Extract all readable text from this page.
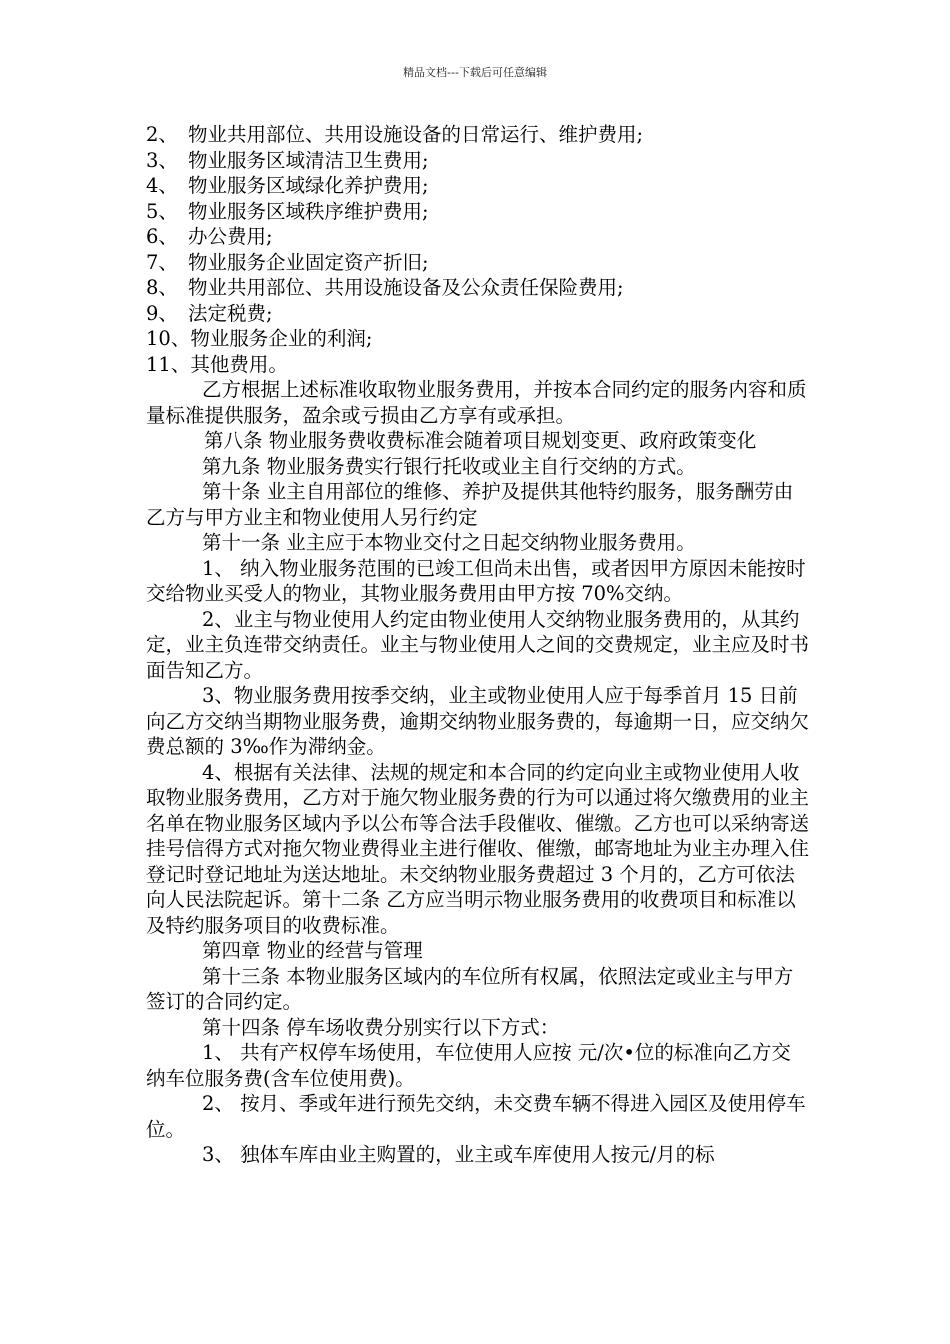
精品文档---下载后可任意编辑

2、 物业共用部位、共用设施设备的日常运行、维护费用;

3、 物业服务区域清洁卫生费用;

4、 物业服务区域绿化养护费用;

5、 物业服务区域秩序维护费用;

6、 办公费用;

7、 物业服务企业固定资产折旧;

8、 物业共用部位、共用设施设备及公众责任保险费用;

9、 法定税费;

10、物业服务企业的利润;

11、其他费用。

乙方根据上述标准收取物业服务费用，并按本合同约定的服务内容和质量标准提供服务，盈余或亏损由乙方享有或承担。

第八条 物业服务费收费标准会随着项目规划变更、政府政策变化

第九条 物业服务费实行银行托收或业主自行交纳的方式。

第十条 业主自用部位的维修、养护及提供其他特约服务，服务酬劳由乙方与甲方业主和物业使用人另行约定

第十一条 业主应于本物业交付之日起交纳物业服务费用。

1、 纳入物业服务范围的已竣工但尚未出售，或者因甲方原因未能按时交给物业买受人的物业，其物业服务费用由甲方按 70%交纳。

2、业主与物业使用人约定由物业使用人交纳物业服务费用的，从其约定，业主负连带交纳责任。业主与物业使用人之间的交费规定，业主应及时书面告知乙方。

3、物业服务费用按季交纳，业主或物业使用人应于每季首月 15 日前向乙方交纳当期物业服务费，逾期交纳物业服务费的，每逾期一日，应交纳欠费总额的 3‰作为滞纳金。

4、根据有关法律、法规的规定和本合同的约定向业主或物业使用人收取物业服务费用，乙方对于施欠物业服务费的行为可以通过将欠缴费用的业主名单在物业服务区域内予以公布等合法手段催收、催缴。乙方也可以采纳寄送挂号信得方式对拖欠物业费得业主进行催收、催缴，邮寄地址为业主办理入住登记时登记地址为送达地址。未交纳物业服务费超过 3 个月的，乙方可依法向人民法院起诉。第十二条 乙方应当明示物业服务费用的收费项目和标准以及特约服务项目的收费标准。

第四章 物业的经营与管理

第十三条 本物业服务区域内的车位所有权属，依照法定或业主与甲方签订的合同约定。

第十四条 停车场收费分别实行以下方式：

1、 共有产权停车场使用，车位使用人应按 元/次•位的标准向乙方交纳车位服务费(含车位使用费)。

2、 按月、季或年进行预先交纳，未交费车辆不得进入园区及使用停车位。

3、 独体车库由业主购置的，业主或车库使用人按元/月的标
